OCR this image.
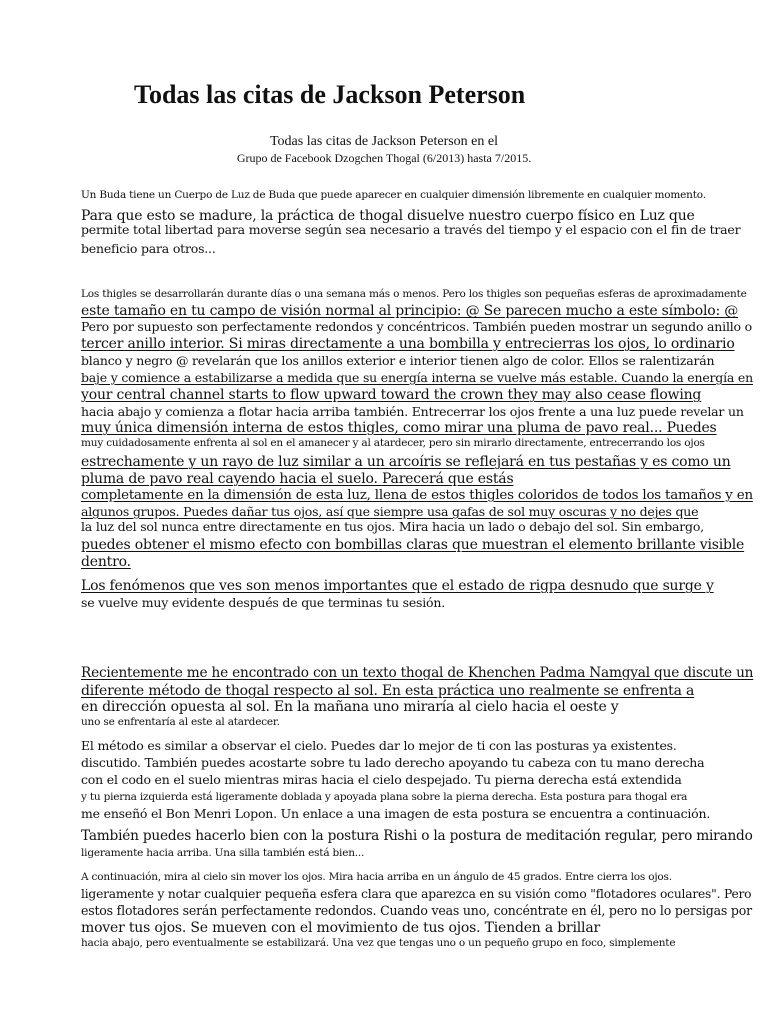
Todas las citas de Jackson Peterson
Todas las citas de Jackson Peterson en el
Grupo de Facebook Dzogchen Thogal (6/2013) hasta 7/2015.
Un Buda tiene un Cuerpo de Luz de Buda que puede aparecer en cualquier dimensión libremente en cualquier momento.
Para que esto se madure, la práctica de thogal disuelve nuestro cuerpo físico en Luz que
permite total libertad para moverse según sea necesario a través del tiempo y el espacio con el fin de traer
beneficio para otros...
Los thigles se desarrollarán durante días o una semana más o menos. Pero los thigles son pequeñas esferas de aproximadamente
este tamaño en tu campo de visión normal al principio: @ Se parecen mucho a este símbolo: @
Pero por supuesto son perfectamente redondos y concéntricos. También pueden mostrar un segundo anillo o
tercer anillo interior. Si miras directamente a una bombilla y entrecierras los ojos, lo ordinario
blanco y negro @ revelarán que los anillos exterior e interior tienen algo de color. Ellos se ralentizarán
baje y comience a estabilizarse a medida que su energía interna se vuelve más estable. Cuando la energía en
your central channel starts to flow upward toward the crown they may also cease flowing
hacia abajo y comienza a flotar hacia arriba también. Entrecerrar los ojos frente a una luz puede revelar un
muy única dimensión interna de estos thigles, como mirar una pluma de pavo real... Puedes
muy cuidadosamente enfrenta al sol en el amanecer y al atardecer, pero sin mirarlo directamente, entrecerrando los ojos
estrechamente y un rayo de luz similar a un arcoíris se reflejará en tus pestañas y es como un
pluma de pavo real cayendo hacia el suelo. Parecerá que estás
completamente en la dimensión de esta luz, llena de estos thigles coloridos de todos los tamaños y en
algunos grupos. Puedes dañar tus ojos, así que siempre usa gafas de sol muy oscuras y no dejes que
la luz del sol nunca entre directamente en tus ojos. Mira hacia un lado o debajo del sol. Sin embargo,
puedes obtener el mismo efecto con bombillas claras que muestran el elemento brillante visible
dentro.
Los fenómenos que ves son menos importantes que el estado de rigpa desnudo que surge y
se vuelve muy evidente después de que terminas tu sesión.
Recientemente me he encontrado con un texto thogal de Khenchen Padma Namgyal que discute un
diferente método de thogal respecto al sol. En esta práctica uno realmente se enfrenta a
en dirección opuesta al sol. En la mañana uno miraría al cielo hacia el oeste y
uno se enfrentaría al este al atardecer.
El método es similar a observar el cielo. Puedes dar lo mejor de ti con las posturas ya existentes.
discutido. También puedes acostarte sobre tu lado derecho apoyando tu cabeza con tu mano derecha
con el codo en el suelo mientras miras hacia el cielo despejado. Tu pierna derecha está extendida
y tu pierna izquierda está ligeramente doblada y apoyada plana sobre la pierna derecha. Esta postura para thogal era
me enseñó el Bon Menri Lopon. Un enlace a una imagen de esta postura se encuentra a continuación.
También puedes hacerlo bien con la postura Rishi o la postura de meditación regular, pero mirando
ligeramente hacia arriba. Una silla también está bien...
A continuación, mira al cielo sin mover los ojos. Mira hacia arriba en un ángulo de 45 grados. Entre cierra los ojos.
ligeramente y notar cualquier pequeña esfera clara que aparezca en su visión como "flotadores oculares". Pero
estos flotadores serán perfectamente redondos. Cuando veas uno, concéntrate en él, pero no lo persigas por
mover tus ojos. Se mueven con el movimiento de tus ojos. Tienden a brillar
hacia abajo, pero eventualmente se estabilizará. Una vez que tengas uno o un pequeño grupo en foco, simplemente
